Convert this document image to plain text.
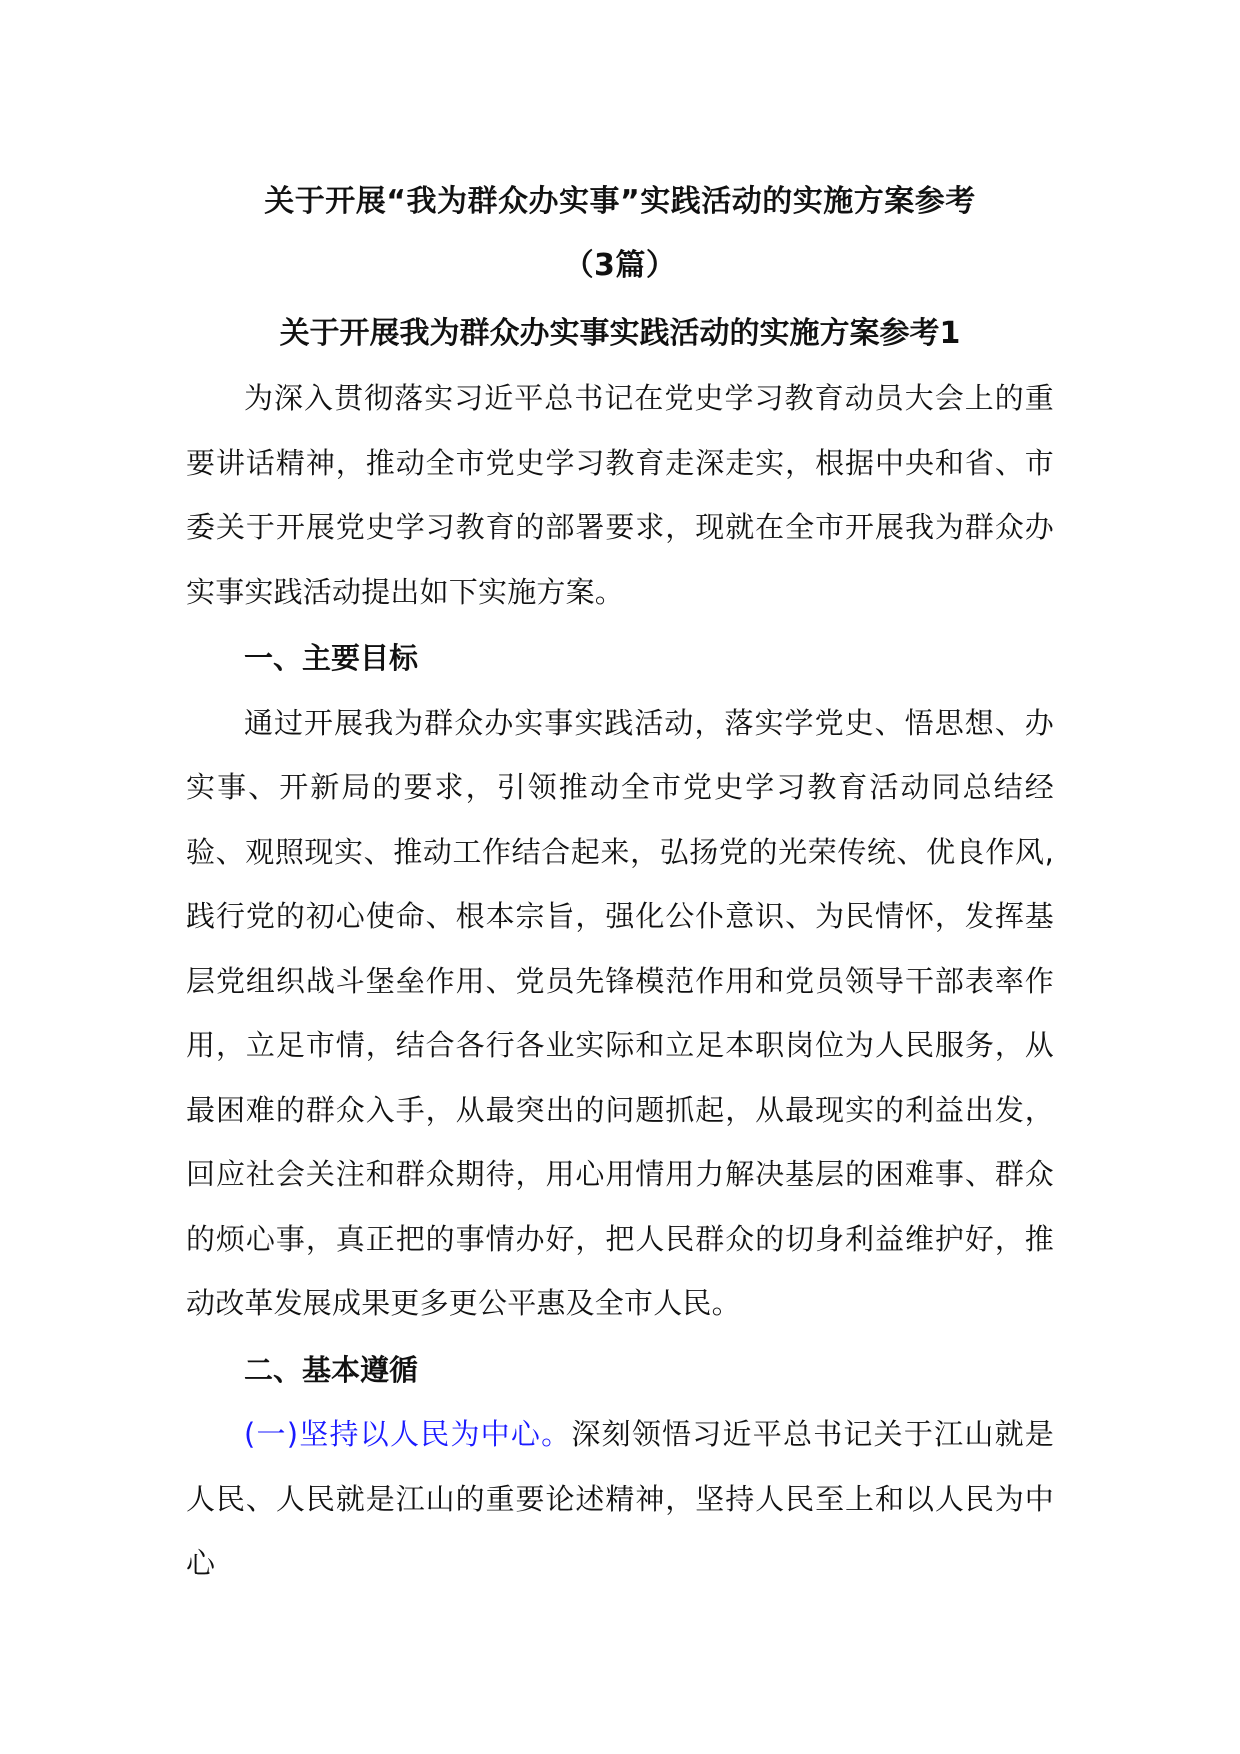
关于开展“我为群众办实事”实践活动的实施方案参考
（3篇）
关于开展我为群众办实事实践活动的实施方案参考1

为深入贯彻落实习近平总书记在党史学习教育动员大会上的重要讲话精神，推动全市党史学习教育走深走实，根据中央和省、市委关于开展党史学习教育的部署要求，现就在全市开展我为群众办实事实践活动提出如下实施方案。

一、主要目标

通过开展我为群众办实事实践活动，落实学党史、悟思想、办实事、开新局的要求，引领推动全市党史学习教育活动同总结经验、观照现实、推动工作结合起来，弘扬党的光荣传统、优良作风,践行党的初心使命、根本宗旨，强化公仆意识、为民情怀，发挥基层党组织战斗堡垒作用、党员先锋模范作用和党员领导干部表率作用，立足市情，结合各行各业实际和立足本职岗位为人民服务，从最困难的群众入手，从最突出的问题抓起，从最现实的利益出发，回应社会关注和群众期待，用心用情用力解决基层的困难事、群众的烦心事，真正把的事情办好，把人民群众的切身利益维护好，推动改革发展成果更多更公平惠及全市人民。

二、基本遵循

(一)坚持以人民为中心。深刻领悟习近平总书记关于江山就是人民、人民就是江山的重要论述精神，坚持人民至上和以人民为中心
